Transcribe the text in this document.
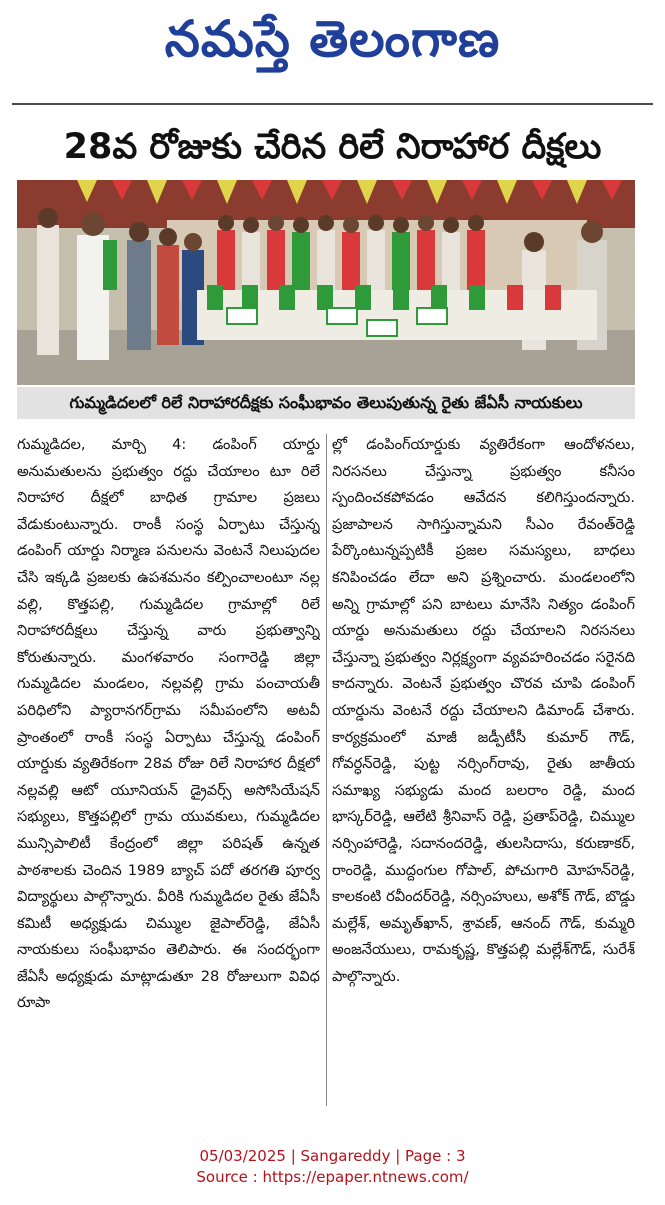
నమస్తే తెలంగాణ
28వ రోజుకు చేరిన రిలే నిరాహార దీక్షలు
గుమ్మడిదలలో రిలే నిరాహారదీక్షకు సంఘీభావం తెలుపుతున్న రైతు జేఏసీ నాయకులు
గుమ్మడిదల, మార్చి 4: డంపింగ్ యార్డు అనుమతులను ప్రభుత్వం రద్దు చేయాలం టూ రిలే నిరాహార దీక్షలో బాధిత గ్రామాల ప్రజలు వేడుకుంటున్నారు. రాంకీ సంస్థ ఏర్పాటు చేస్తున్న డంపింగ్ యార్డు నిర్మాణ పనులను వెంటనే నిలుపుదల చేసి ఇక్కడి ప్రజలకు ఉపశమనం కల్పించాలంటూ నల్ల వల్లి, కొత్తపల్లి, గుమ్మడిదల గ్రామాల్లో రిలే నిరాహారదీక్షలు చేస్తున్న వారు ప్రభుత్వాన్ని కోరుతున్నారు. మంగళవారం సంగారెడ్డి జిల్లా గుమ్మడిదల మండలం, నల్లవల్లి గ్రామ పంచాయతీ పరిధిలోని ప్యారానగర్‌గ్రామ సమీపంలోని అటవీ ప్రాంతంలో రాంకీ సంస్థ ఏర్పాటు చేస్తున్న డంపింగ్ యార్డుకు వ్యతిరేకంగా 28వ రోజు రిలే నిరాహార దీక్షలో నల్లవల్లి ఆటో యూనియన్ డ్రైవర్స్ అసోసియేషన్ సభ్యులు, కొత్తపల్లిలో గ్రామ యువకులు, గుమ్మడిదల మున్సిపాలిటీ కేంద్రంలో జిల్లా పరిషత్ ఉన్నత పాఠశాలకు చెందిన 1989 బ్యాచ్ పదో తరగతి పూర్వ విద్యార్థులు పాల్గొన్నారు. వీరికి గుమ్మడిదల రైతు జేఏసీ కమిటీ అధ్యక్షుడు చిమ్ముల జైపాల్‌రెడ్డి, జేఏసీ నాయకులు సంఘీభావం తెలిపారు. ఈ సందర్భంగా జేఏసీ అధ్యక్షుడు మాట్లాడుతూ 28 రోజులుగా వివిధ రూపా
ల్లో డంపింగ్‌యార్డుకు వ్యతిరేకంగా ఆందోళనలు, నిరసనలు చేస్తున్నా ప్రభుత్వం కనీసం స్పందించకపోవడం ఆవేదన కలిగిస్తుందన్నారు. ప్రజాపాలన సాగిస్తున్నామని సీఎం రేవంత్‌రెడ్డి పేర్కొంటున్నప్పటికీ ప్రజల సమస్యలు, బాధలు కనిపించడం లేదా అని ప్రశ్నించారు. మండలంలోని అన్ని గ్రామాల్లో పని బాటలు మానేసి నిత్యం డంపింగ్ యార్డు అనుమతులు రద్దు చేయాలని నిరసనలు చేస్తున్నా ప్రభుత్వం నిర్లక్ష్యంగా వ్యవహరించడం సరైనది కాదన్నారు. వెంటనే ప్రభుత్వం చొరవ చూపి డంపింగ్ యార్డును వెంటనే రద్దు చేయాలని డిమాండ్ చేశారు. కార్యక్రమంలో మాజీ జడ్పీటీసీ కుమార్ గౌడ్, గోవర్ధన్‌రెడ్డి, పుట్ట నర్సింగ్‌రావు, రైతు జాతీయ సమాఖ్య సభ్యుడు మంద బలరాం రెడ్డి, మంద భాస్కర్‌రెడ్డి, ఆలేటి శ్రీనివాస్ రెడ్డి, ప్రతాప్‌రెడ్డి, చిమ్ముల నర్సింహారెడ్డి, సదానందరెడ్డి, తులసిదాసు, కరుణాకర్, రాంరెడ్డి, ముద్దంగుల గోపాల్, పోచుగారి మోహన్‌రెడ్డి, కాలకంటి రవీందర్‌రెడ్డి, నర్సింహులు, అశోక్ గౌడ్, బొడ్డు మల్లేశ్, అమృత్‌ఖాన్, శ్రావణ్, ఆనంద్ గౌడ్, కుమ్మరి అంజనేయులు, రామకృష్ణ, కొత్తపల్లి మల్లేశ్‌గౌడ్, సురేశ్ పాల్గొన్నారు.
05/03/2025 | Sangareddy | Page : 3
Source : https://epaper.ntnews.com/
